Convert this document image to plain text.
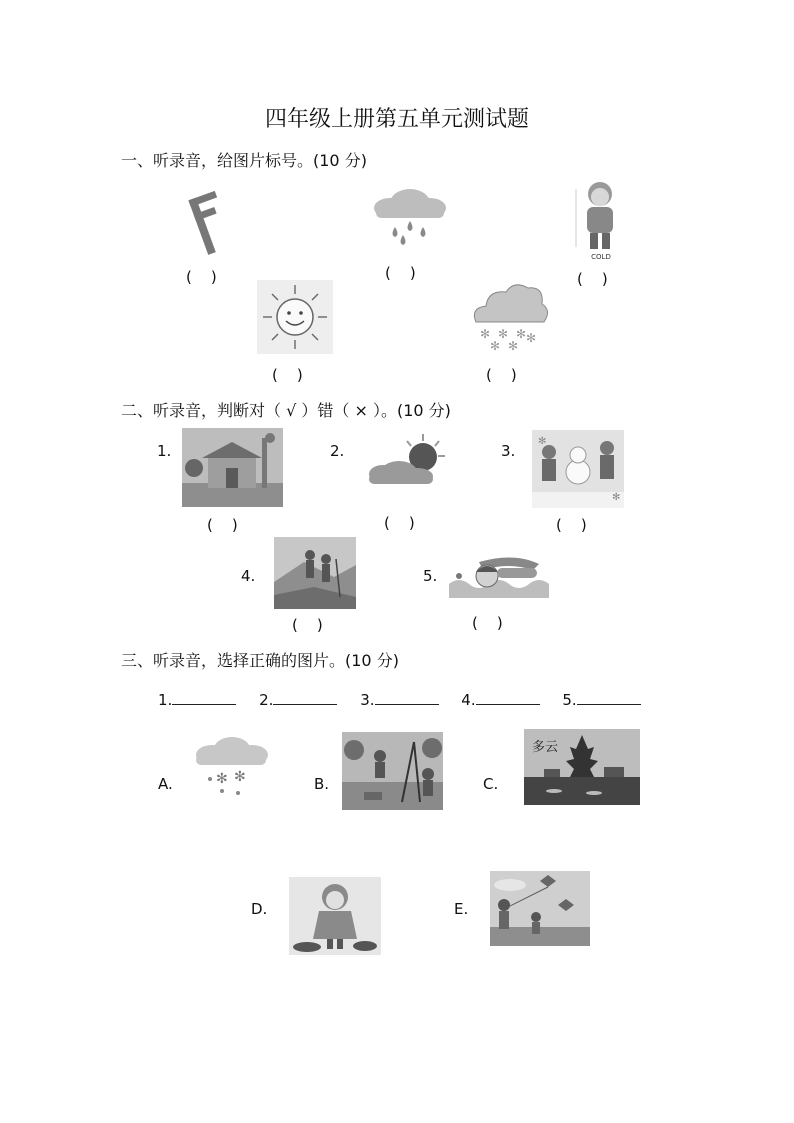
四年级上册第五单元测试题
一、听录音，给图片标号。(10 分)
(    )	(    )
COLD
(    )
(    )
✻ ✻ ✻
✻ ✻
✻
(    )
二、听录音，判断对（ √ ）错（ × ）。(10 分)
1.
(    )
2.
(    )
3.
✻
✻
(    )
4.
(    )
5.
(    )
三、听录音，选择正确的图片。(10 分)
1.	2.	3.	4.	5.
A.	✻ ✻	B.	C.
多云
D.	E.
